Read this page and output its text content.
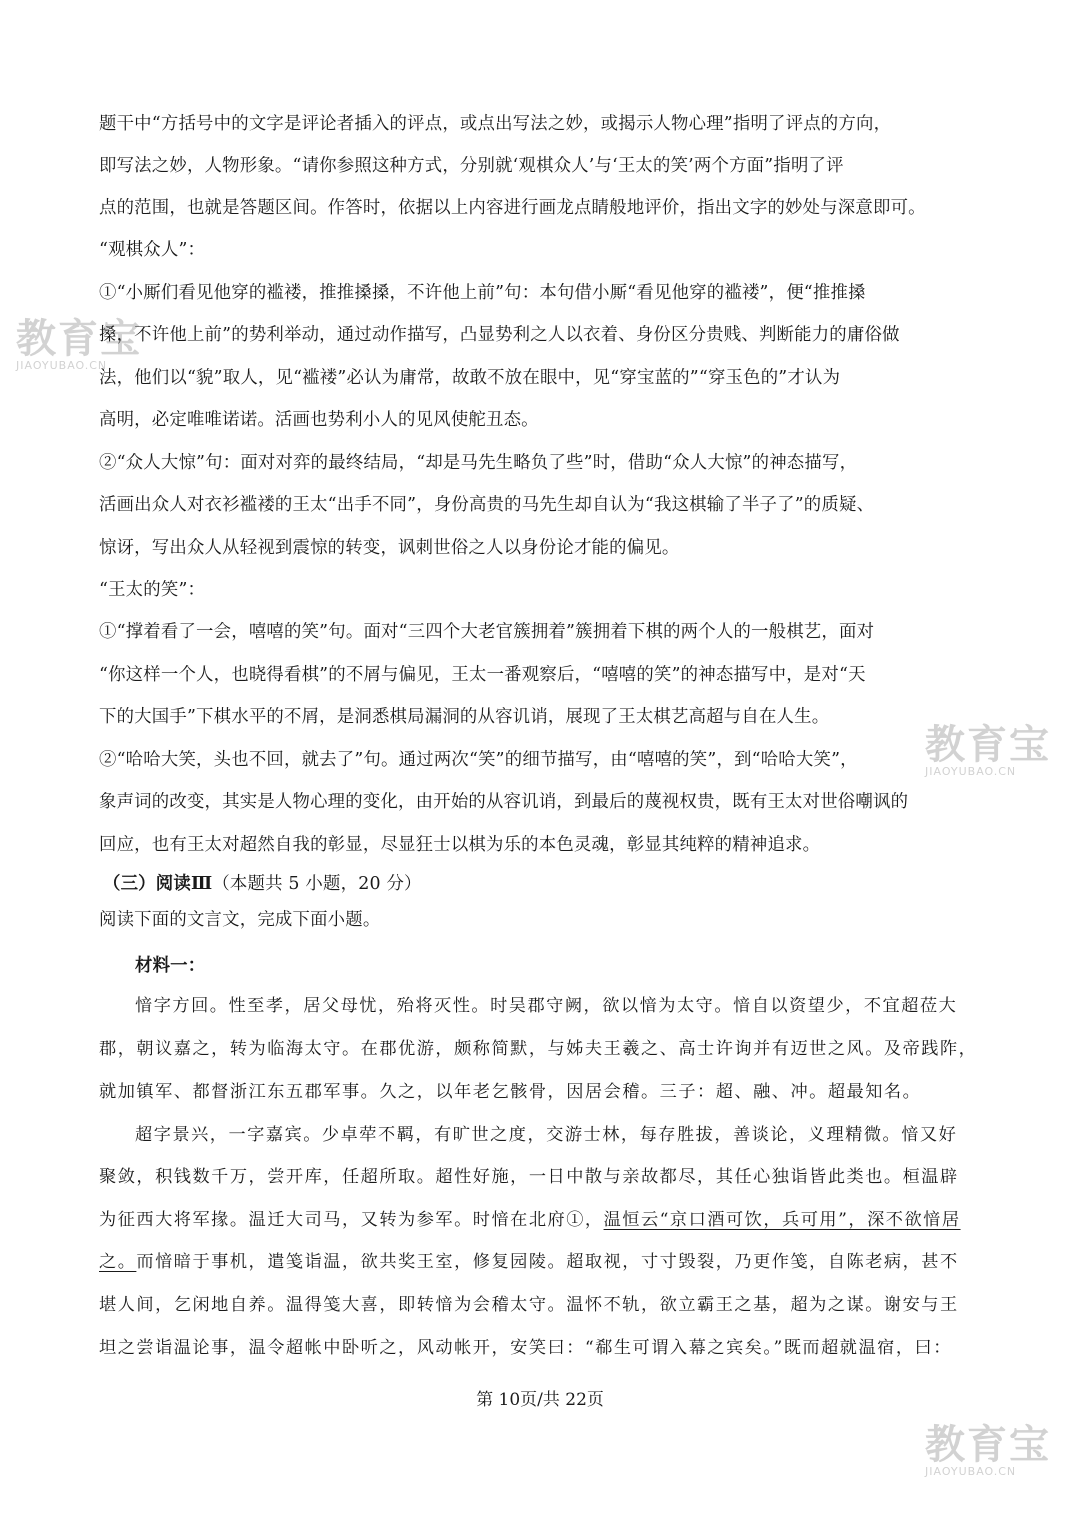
教育宝
JIAOYUBAO.CN
教育宝
JIAOYUBAO.CN
教育宝
JIAOYUBAO.CN
题干中“方括号中的文字是评论者插入的评点，或点出写法之妙，或揭示人物心理”指明了评点的方向，
即写法之妙，人物形象。“请你参照这种方式，分别就‘观棋众人’与‘王太的笑’两个方面”指明了评
点的范围，也就是答题区间。作答时，依据以上内容进行画龙点睛般地评价，指出文字的妙处与深意即可。
“观棋众人”：
①“小厮们看见他穿的褴褛，推推搡搡，不许他上前”句：本句借小厮“看见他穿的褴褛”，便“推推搡
搡，不许他上前”的势利举动，通过动作描写，凸显势利之人以衣着、身份区分贵贱、判断能力的庸俗做
法，他们以“貌”取人，见“褴褛”必认为庸常，故敢不放在眼中，见“穿宝蓝的”“穿玉色的”才认为
高明，必定唯唯诺诺。活画也势利小人的见风使舵丑态。
②“众人大惊”句：面对对弈的最终结局，“却是马先生略负了些”时，借助“众人大惊”的神态描写，
活画出众人对衣衫褴褛的王太“出手不同”，身份高贵的马先生却自认为“我这棋输了半子了”的质疑、
惊讶，写出众人从轻视到震惊的转变，讽刺世俗之人以身份论才能的偏见。
“王太的笑”：
①“撑着看了一会，嘻嘻的笑”句。面对“三四个大老官簇拥着”簇拥着下棋的两个人的一般棋艺，面对
“你这样一个人，也晓得看棋”的不屑与偏见，王太一番观察后，“嘻嘻的笑”的神态描写中，是对“天
下的大国手”下棋水平的不屑，是洞悉棋局漏洞的从容讥诮，展现了王太棋艺高超与自在人生。
②“哈哈大笑，头也不回，就去了”句。通过两次“笑”的细节描写，由“嘻嘻的笑”，到“哈哈大笑”，
象声词的改变，其实是人物心理的变化，由开始的从容讥诮，到最后的蔑视权贵，既有王太对世俗嘲讽的
回应，也有王太对超然自我的彰显，尽显狂士以棋为乐的本色灵魂，彰显其纯粹的精神追求。
（三）阅读Ⅲ（本题共 5 小题，20 分）
阅读下面的文言文，完成下面小题。
材料一：
愔字方回。性至孝，居父母忧，殆将灭性。时吴郡守阙，欲以愔为太守。愔自以资望少，不宜超莅大
郡，朝议嘉之，转为临海太守。在郡优游，颇称简默，与姊夫王羲之、高士许询并有迈世之风。及帝践阼，
就加镇军、都督浙江东五郡军事。久之，以年老乞骸骨，因居会稽。三子：超、融、冲。超最知名。
超字景兴，一字嘉宾。少卓荦不羁，有旷世之度，交游士林，每存胜拔，善谈论，义理精微。愔又好
聚敛，积钱数千万，尝开库，任超所取。超性好施，一日中散与亲故都尽，其任心独诣皆此类也。桓温辟
为征西大将军掾。温迁大司马，又转为参军。时愔在北府①，温恒云“京口酒可饮，兵可用”，深不欲愔居
之。而愔暗于事机，遣笺诣温，欲共奖王室，修复园陵。超取视，寸寸毁裂，乃更作笺，自陈老病，甚不
堪人间，乞闲地自养。温得笺大喜，即转愔为会稽太守。温怀不轨，欲立霸王之基，超为之谋。谢安与王
坦之尝诣温论事，温令超帐中卧听之，风动帐开，安笑曰：“郗生可谓入幕之宾矣。”既而超就温宿，曰：
第 10页/共 22页
